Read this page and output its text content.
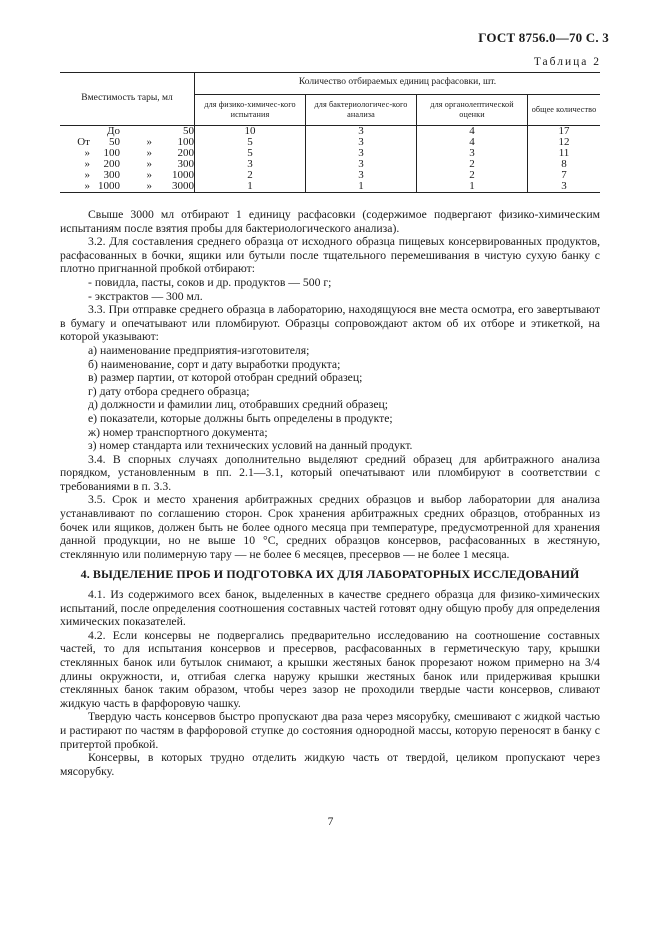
ГОСТ 8756.0—70 С. 3
Таблица 2
Вместимость тары, мл	Количество отбираемых единиц расфасовки, шт.			
	для физико-химичес-кого испытания	для бактериологичес-кого анализа	для органолептической оценки	общее количество

До 50	10	3	4	17

От 50 » 100	5	3	4	12

» 100 » 200	5	3	3	11

» 200 » 300	3	3	2	8

» 300 » 1000	2	3	2	7

» 1000 » 3000	1	1	1	3

Свыше 3000 мл отбирают 1 единицу расфасовки (содержимое подвергают физико-химическим испытаниям после взятия пробы для бактериологического анализа).

3.2. Для составления среднего образца от исходного образца пищевых консервированных продуктов, расфасованных в бочки, ящики или бутыли после тщательного перемешивания в чистую сухую банку с плотно пригнанной пробкой отбирают:

- повидла, пасты, соков и др. продуктов — 500 г;

- экстрактов — 300 мл.

3.3. При отправке среднего образца в лабораторию, находящуюся вне места осмотра, его завертывают в бумагу и опечатывают или пломбируют. Образцы сопровождают актом об их отборе и этикеткой, на которой указывают:

а) наименование предприятия-изготовителя;

б) наименование, сорт и дату выработки продукта;

в) размер партии, от которой отобран средний образец;

г) дату отбора среднего образца;

д) должности и фамилии лиц, отобравших средний образец;

е) показатели, которые должны быть определены в продукте;

ж) номер транспортного документа;

з) номер стандарта или технических условий на данный продукт.

3.4. В спорных случаях дополнительно выделяют средний образец для арбитражного анализа порядком, установленным в пп. 2.1—3.1, который опечатывают или пломбируют в соответствии с требованиями в п. 3.3.

3.5. Срок и место хранения арбитражных средних образцов и выбор лаборатории для анализа устанавливают по соглашению сторон. Срок хранения арбитражных средних образцов, отобранных из бочек или ящиков, должен быть не более одного месяца при температуре, предусмотренной для хранения данной продукции, но не выше 10 °С, средних образцов консервов, расфасованных в жестяную, стеклянную или полимерную тару — не более 6 месяцев, пресервов — не более 1 месяца.

4. ВЫДЕЛЕНИЕ ПРОБ И ПОДГОТОВКА ИХ ДЛЯ ЛАБОРАТОРНЫХ ИССЛЕДОВАНИЙ

4.1. Из содержимого всех банок, выделенных в качестве среднего образца для физико-химических испытаний, после определения соотношения составных частей готовят одну общую пробу для определения химических показателей.

4.2. Если консервы не подвергались предварительно исследованию на соотношение составных частей, то для испытания консервов и пресервов, расфасованных в герметическую тару, крышки стеклянных банок или бутылок снимают, а крышки жестяных банок прорезают ножом примерно на 3/4 длины окружности, и, отгибая слегка наружу крышки жестяных банок или придерживая крышки стеклянных банок таким образом, чтобы через зазор не проходили твердые части консервов, сливают жидкую часть в фарфоровую чашку.

Твердую часть консервов быстро пропускают два раза через мясорубку, смешивают с жидкой частью и растирают по частям в фарфоровой ступке до состояния однородной массы, которую переносят в банку с притертой пробкой.

Консервы, в которых трудно отделить жидкую часть от твердой, целиком пропускают через мясорубку.

7
